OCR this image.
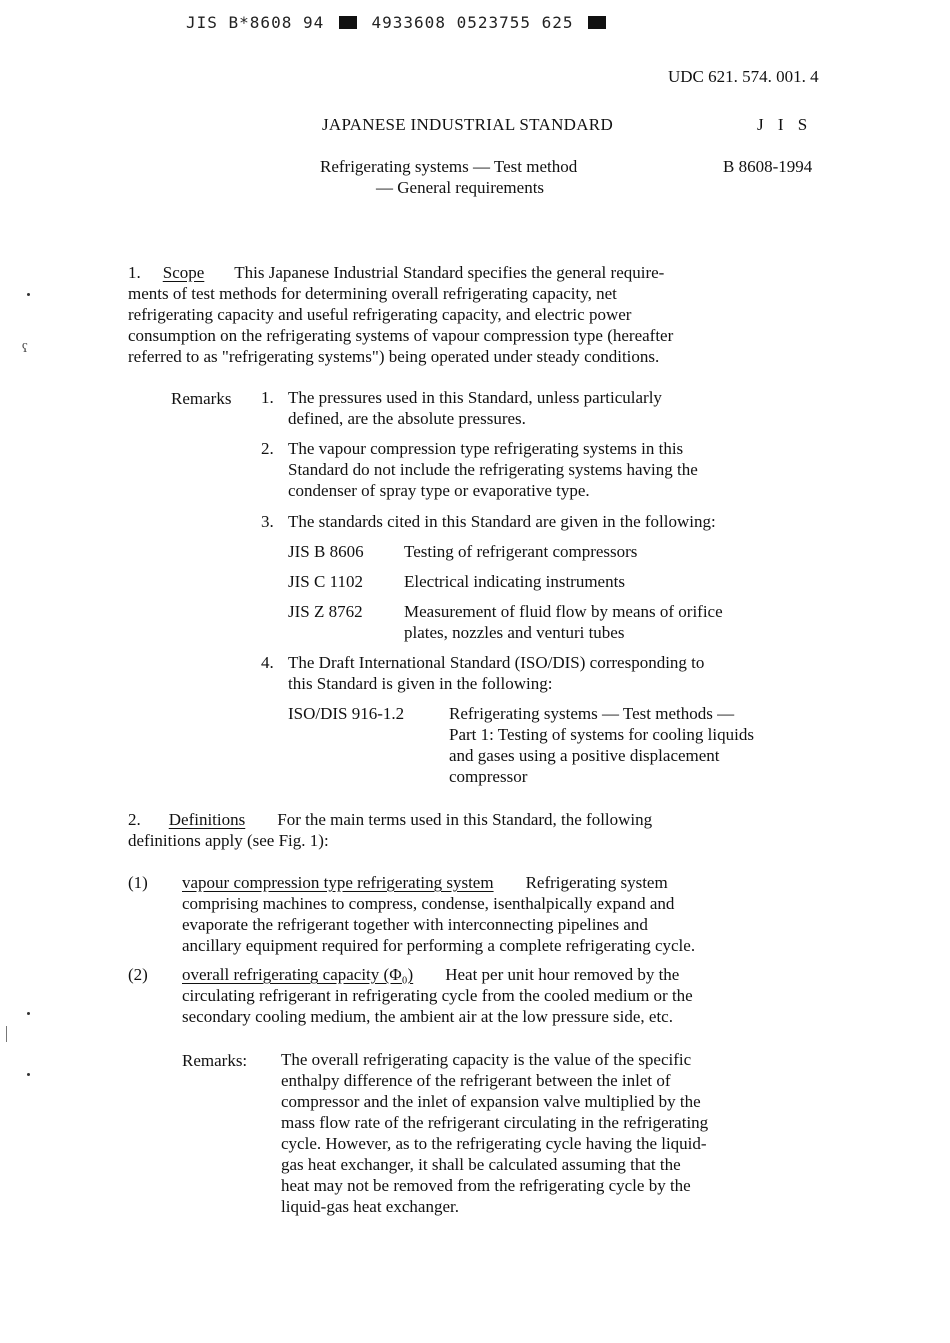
JIS B*8608 94	4933608 0523755 625
ʕ
UDC 621. 574. 001. 4
JAPANESE INDUSTRIAL STANDARD	J I S
Refrigerating systems — Test method
— General requirements
B 8608-1994
1. Scope This Japanese Industrial Standard specifies the general require-
ments of test methods for determining overall refrigerating capacity, net
refrigerating capacity and useful refrigerating capacity, and electric power
consumption on the refrigerating systems of vapour compression type (hereafter
referred to as "refrigerating systems") being operated under steady conditions.
Remarks 1. The pressures used in this Standard, unless particularly
defined, are the absolute pressures.
2. The vapour compression type refrigerating systems in this
Standard do not include the refrigerating systems having the
condenser of spray type or evaporative type.
3. The standards cited in this Standard are given in the following:
JIS B 8606 Testing of refrigerant compressors
JIS C 1102 Electrical indicating instruments
JIS Z 8762 Measurement of fluid flow by means of orifice
plates, nozzles and venturi tubes
4. The Draft International Standard (ISO/DIS) corresponding to
this Standard is given in the following:
ISO/DIS 916-1.2	Refrigerating systems — Test methods —
Part 1: Testing of systems for cooling liquids
and gases using a positive displacement
compressor
2. Definitions For the main terms used in this Standard, the following
definitions apply (see Fig. 1):
(1) vapour compression type refrigerating system Refrigerating system
comprising machines to compress, condense, isenthalpically expand and
evaporate the refrigerant together with interconnecting pipelines and
ancillary equipment required for performing a complete refrigerating cycle.
(2) overall refrigerating capacity (Φ₀) Heat per unit hour removed by the
circulating refrigerant in refrigerating cycle from the cooled medium or the
secondary cooling medium, the ambient air at the low pressure side, etc.
Remarks: The overall refrigerating capacity is the value of the specific
enthalpy difference of the refrigerant between the inlet of
compressor and the inlet of expansion valve multiplied by the
mass flow rate of the refrigerant circulating in the refrigerating
cycle. However, as to the refrigerating cycle having the liquid-
gas heat exchanger, it shall be calculated assuming that the
heat may not be removed from the refrigerating cycle by the
liquid-gas heat exchanger.
